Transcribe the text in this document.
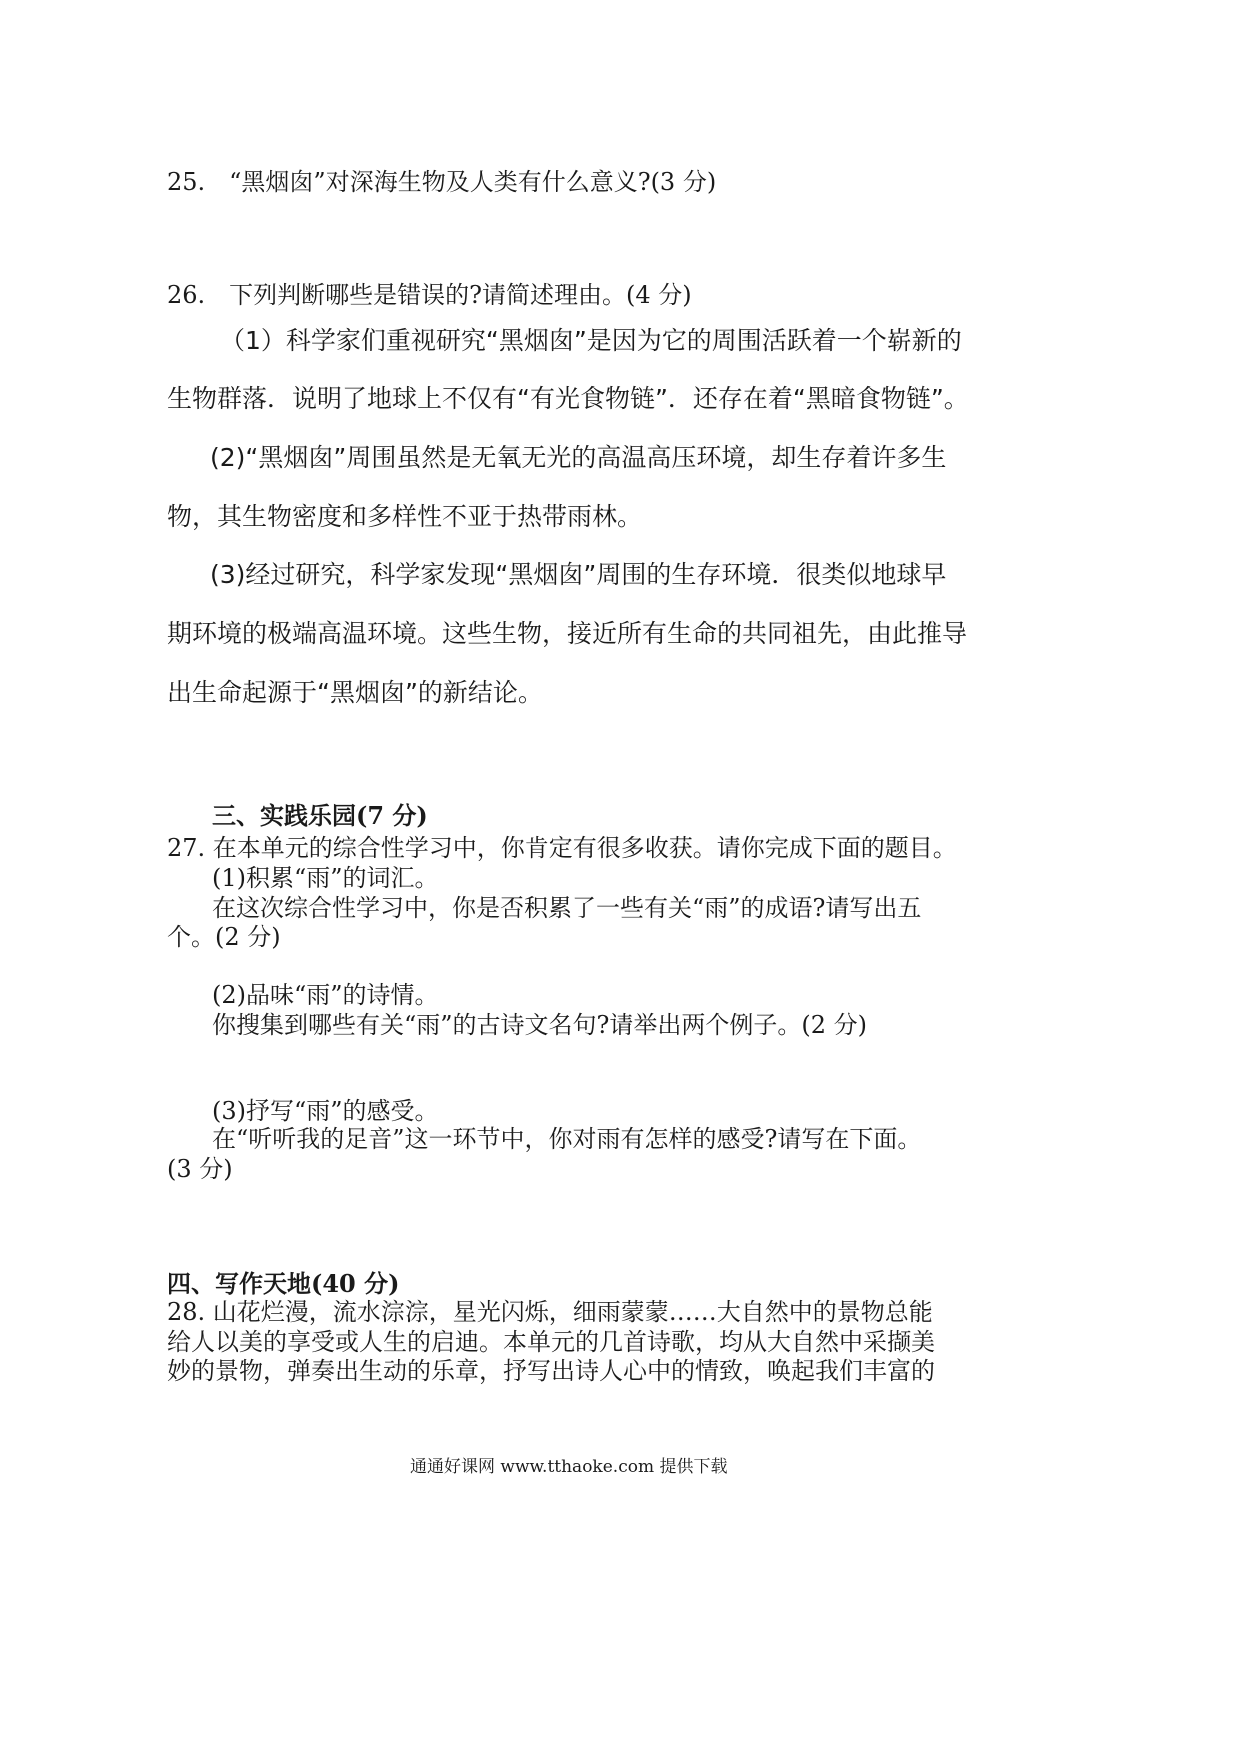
25.　“黑烟囱”对深海生物及人类有什么意义?(3 分)
26.　下列判断哪些是错误的?请简述理由。(4 分)
（1）科学家们重视研究“黑烟囱”是因为它的周围活跃着一个崭新的
生物群落．说明了地球上不仅有“有光食物链”．还存在着“黑暗食物链”。
(2)“黑烟囱”周围虽然是无氧无光的高温高压环境，却生存着许多生
物，其生物密度和多样性不亚于热带雨林。
(3)经过研究，科学家发现“黑烟囱”周围的生存环境．很类似地球早
期环境的极端高温环境。这些生物，接近所有生命的共同祖先，由此推导
出生命起源于“黑烟囱”的新结论。
三、实践乐园(7 分)
27. 在本单元的综合性学习中，你肯定有很多收获。请你完成下面的题目。
(1)积累“雨”的词汇。
在这次综合性学习中，你是否积累了一些有关“雨”的成语?请写出五
个。(2 分)
(2)品味“雨”的诗情。
你搜集到哪些有关“雨”的古诗文名句?请举出两个例子。(2 分)
(3)抒写“雨”的感受。
在“听听我的足音”这一环节中，你对雨有怎样的感受?请写在下面。
(3 分)
四、写作天地(40 分)
28. 山花烂漫，流水淙淙，星光闪烁，细雨蒙蒙……大自然中的景物总能
给人以美的享受或人生的启迪。本单元的几首诗歌，均从大自然中采撷美
妙的景物，弹奏出生动的乐章，抒写出诗人心中的情致，唤起我们丰富的
通通好课网 www.tthaoke.com 提供下载
